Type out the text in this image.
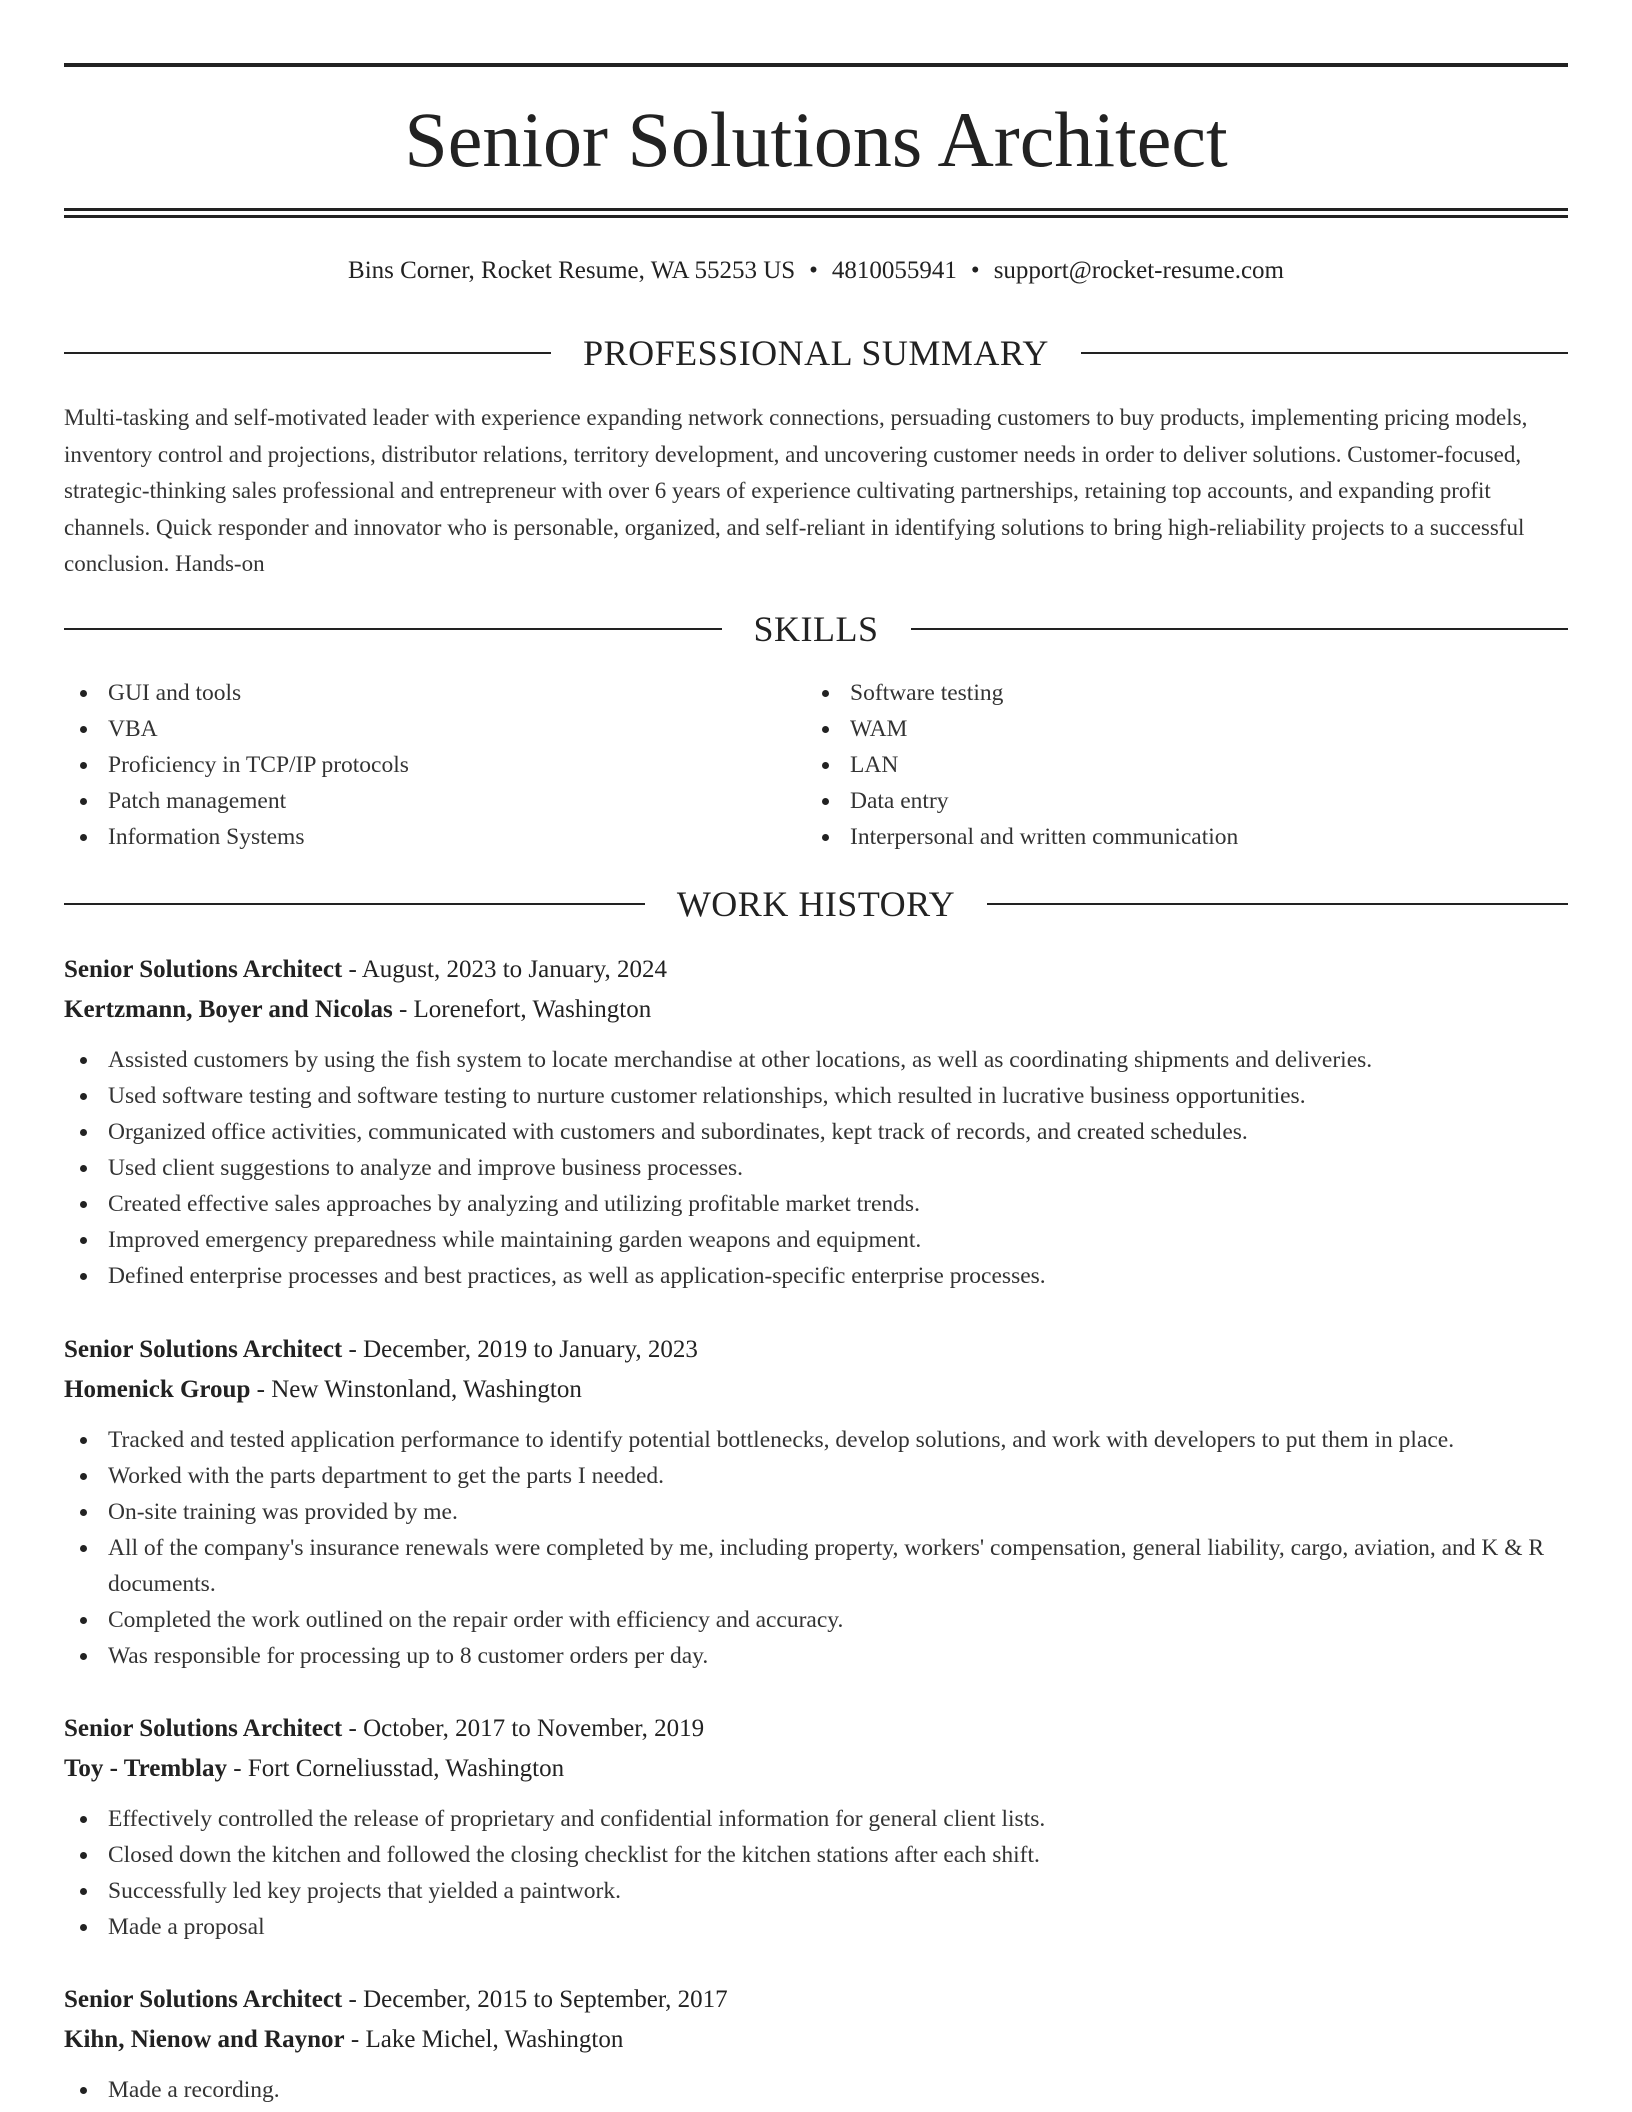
Senior Solutions Architect
Bins Corner, Rocket Resume, WA 55253 US • 4810055941 • support@rocket-resume.com
PROFESSIONAL SUMMARY
Multi-tasking and self-motivated leader with experience expanding network connections, persuading customers to buy products, implementing pricing models, inventory control and projections, distributor relations, territory development, and uncovering customer needs in order to deliver solutions. Customer-focused, strategic-thinking sales professional and entrepreneur with over 6 years of experience cultivating partnerships, retaining top accounts, and expanding profit channels. Quick responder and innovator who is personable, organized, and self-reliant in identifying solutions to bring high-reliability projects to a successful conclusion. Hands-on
SKILLS
GUI and tools
VBA
Proficiency in TCP/IP protocols
Patch management
Information Systems
Software testing
WAM
LAN
Data entry
Interpersonal and written communication
WORK HISTORY
Senior Solutions Architect - August, 2023 to January, 2024
Kertzmann, Boyer and Nicolas - Lorenefort, Washington
Assisted customers by using the fish system to locate merchandise at other locations, as well as coordinating shipments and deliveries.
Used software testing and software testing to nurture customer relationships, which resulted in lucrative business opportunities.
Organized office activities, communicated with customers and subordinates, kept track of records, and created schedules.
Used client suggestions to analyze and improve business processes.
Created effective sales approaches by analyzing and utilizing profitable market trends.
Improved emergency preparedness while maintaining garden weapons and equipment.
Defined enterprise processes and best practices, as well as application-specific enterprise processes.
Senior Solutions Architect - December, 2019 to January, 2023
Homenick Group - New Winstonland, Washington
Tracked and tested application performance to identify potential bottlenecks, develop solutions, and work with developers to put them in place.
Worked with the parts department to get the parts I needed.
On-site training was provided by me.
All of the company's insurance renewals were completed by me, including property, workers' compensation, general liability, cargo, aviation, and K & R documents.
Completed the work outlined on the repair order with efficiency and accuracy.
Was responsible for processing up to 8 customer orders per day.
Senior Solutions Architect - October, 2017 to November, 2019
Toy - Tremblay - Fort Corneliusstad, Washington
Effectively controlled the release of proprietary and confidential information for general client lists.
Closed down the kitchen and followed the closing checklist for the kitchen stations after each shift.
Successfully led key projects that yielded a paintwork.
Made a proposal
Senior Solutions Architect - December, 2015 to September, 2017
Kihn, Nienow and Raynor - Lake Michel, Washington
Made a recording.
